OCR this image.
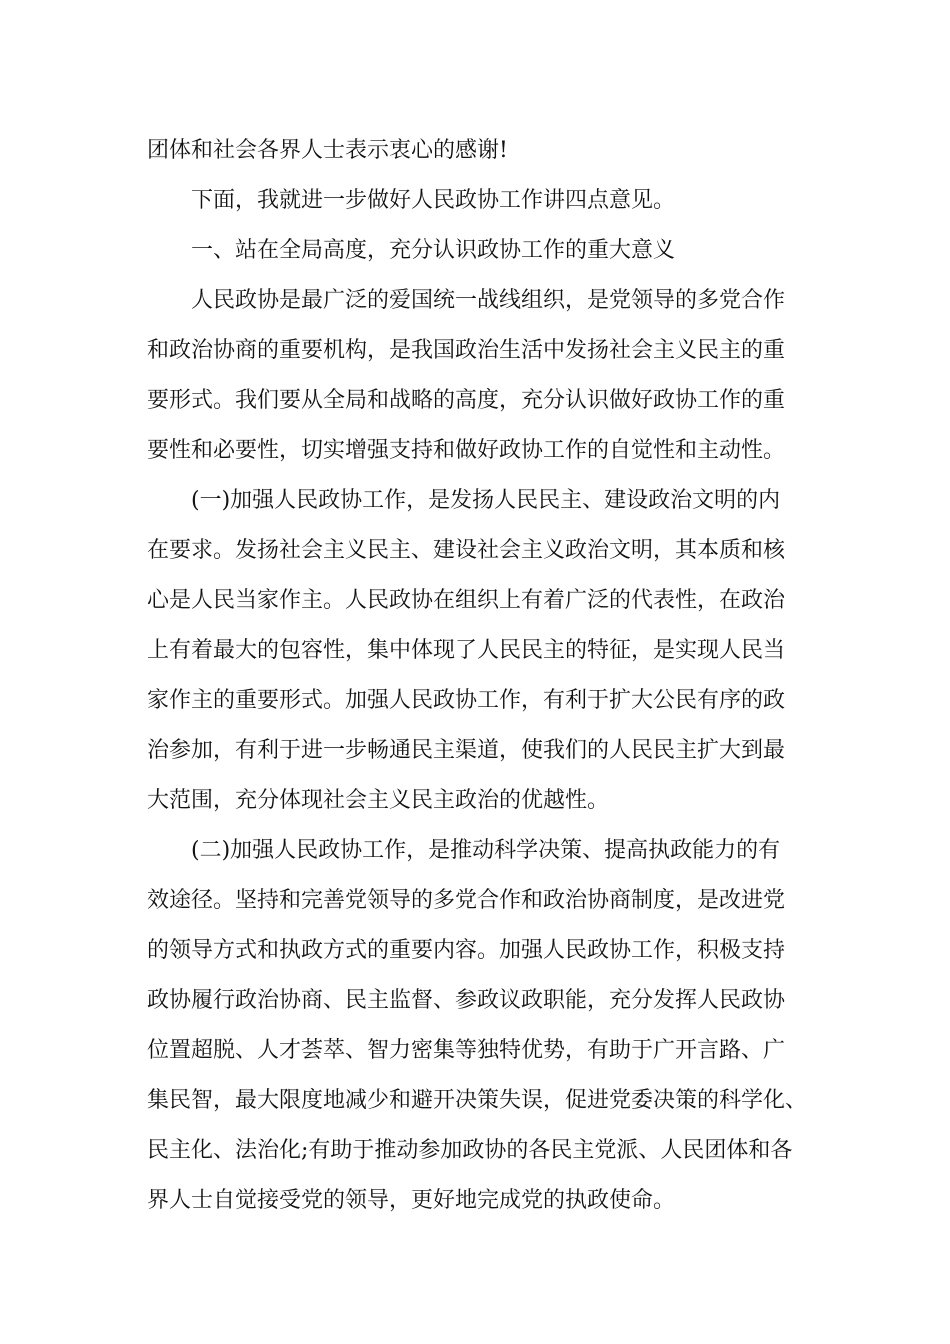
团体和社会各界人士表示衷心的感谢!
下面，我就进一步做好人民政协工作讲四点意见。
一、站在全局高度，充分认识政协工作的重大意义
人民政协是最广泛的爱国统一战线组织，是党领导的多党合作
和政治协商的重要机构，是我国政治生活中发扬社会主义民主的重
要形式。我们要从全局和战略的高度，充分认识做好政协工作的重
要性和必要性，切实增强支持和做好政协工作的自觉性和主动性。
(一)加强人民政协工作，是发扬人民民主、建设政治文明的内
在要求。发扬社会主义民主、建设社会主义政治文明，其本质和核
心是人民当家作主。人民政协在组织上有着广泛的代表性，在政治
上有着最大的包容性，集中体现了人民民主的特征，是实现人民当
家作主的重要形式。加强人民政协工作，有利于扩大公民有序的政
治参加，有利于进一步畅通民主渠道，使我们的人民民主扩大到最
大范围，充分体现社会主义民主政治的优越性。
(二)加强人民政协工作，是推动科学决策、提高执政能力的有
效途径。坚持和完善党领导的多党合作和政治协商制度，是改进党
的领导方式和执政方式的重要内容。加强人民政协工作，积极支持
政协履行政治协商、民主监督、参政议政职能，充分发挥人民政协
位置超脱、人才荟萃、智力密集等独特优势，有助于广开言路、广
集民智，最大限度地减少和避开决策失误，促进党委决策的科学化、
民主化、法治化;有助于推动参加政协的各民主党派、人民团体和各
界人士自觉接受党的领导，更好地完成党的执政使命。
